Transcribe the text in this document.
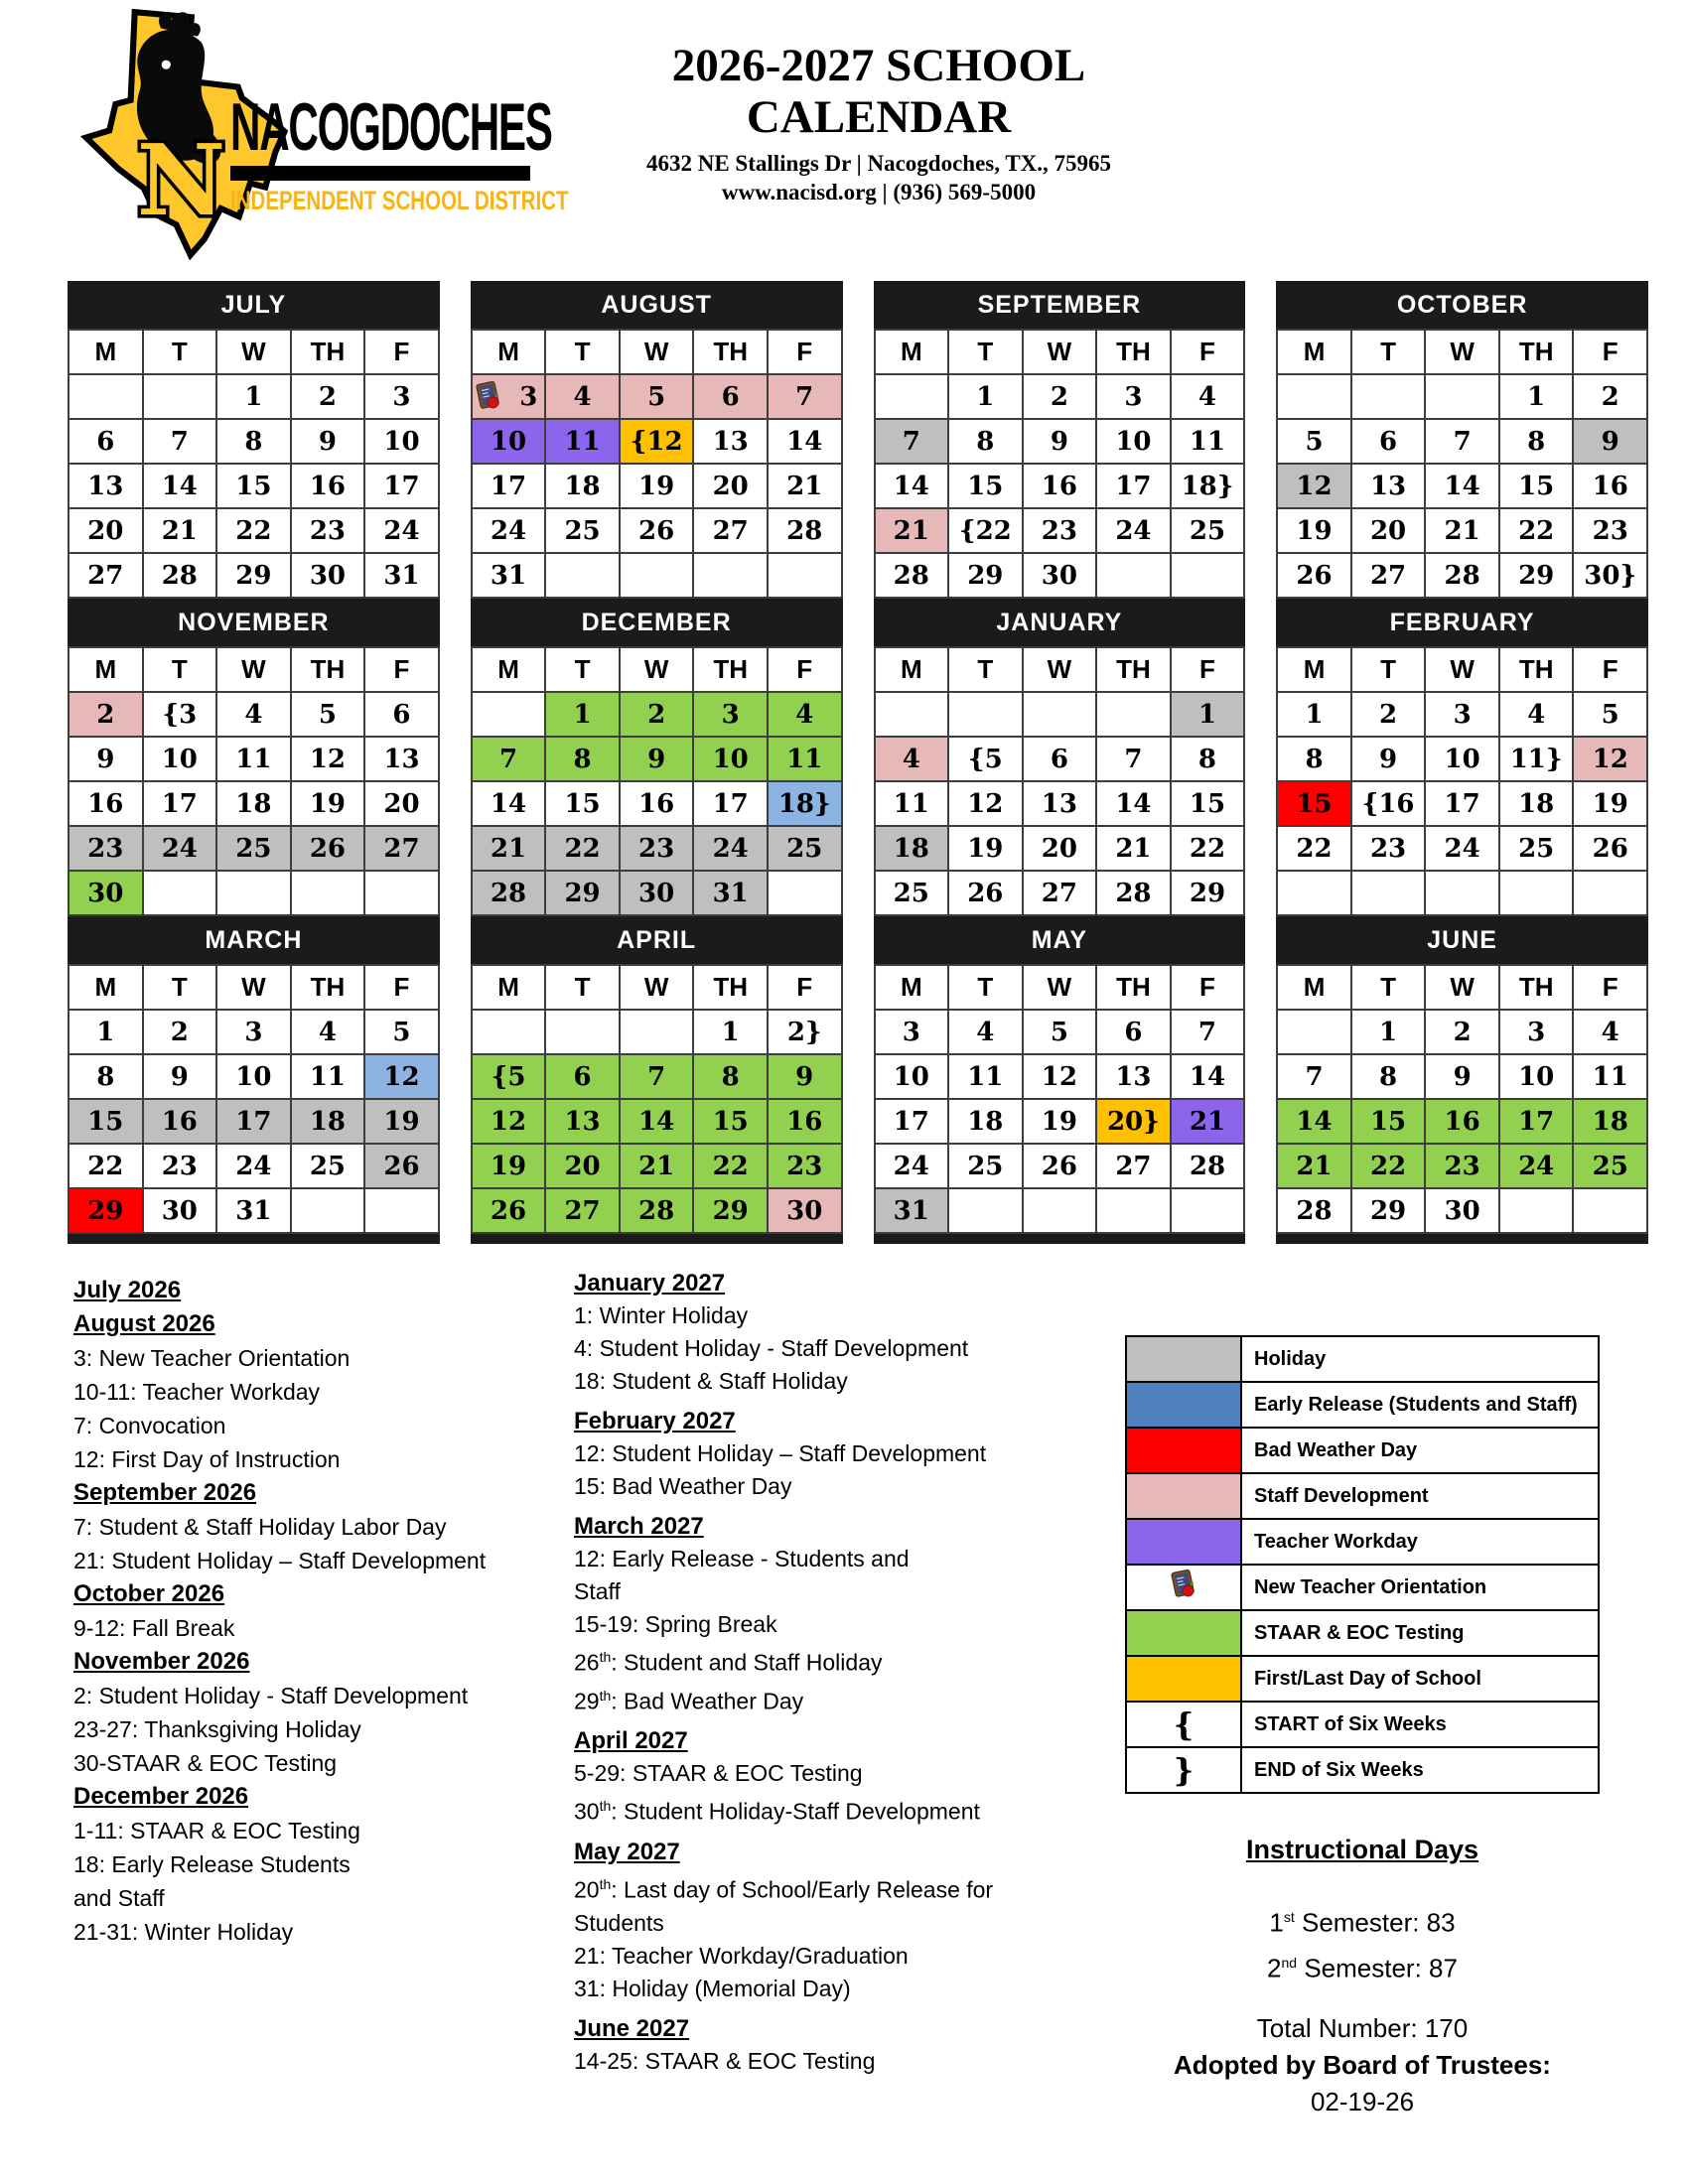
N NACOGDOCHES
INDEPENDENT SCHOOL DISTRICT
2026-2027 SCHOOL CALENDAR
4632 NE Stallings Dr | Nacogdoches, TX., 75965
www.nacisd.org | (936) 569-5000
JULY
M	T	W	TH	F
		1	2	3
6	7	8	9	10
13	14	15	16	17
20	21	22	23	24
27	28	29	30	31
NOVEMBER
M	T	W	TH	F
2	{3	4	5	6
9	10	11	12	13
16	17	18	19	20
23	24	25	26	27
30				
MARCH
M	T	W	TH	F
1	2	3	4	5
8	9	10	11	12
15	16	17	18	19
22	23	24	25	26
29	30	31		
AUGUST
M	T	W	TH	F

3	4	5	6	7
10	11	{12	13	14
17	18	19	20	21
24	25	26	27	28
31				
DECEMBER
M	T	W	TH	F
	1	2	3	4
7	8	9	10	11
14	15	16	17	18}
21	22	23	24	25
28	29	30	31	
APRIL
M	T	W	TH	F
			1	2}
{5	6	7	8	9
12	13	14	15	16
19	20	21	22	23
26	27	28	29	30
SEPTEMBER
M	T	W	TH	F
	1	2	3	4
7	8	9	10	11
14	15	16	17	18}
21	{22	23	24	25
28	29	30		
JANUARY
M	T	W	TH	F
				1
4	{5	6	7	8
11	12	13	14	15
18	19	20	21	22
25	26	27	28	29
MAY
M	T	W	TH	F
3	4	5	6	7
10	11	12	13	14
17	18	19	20}	21
24	25	26	27	28
31				
OCTOBER
M	T	W	TH	F
			1	2
5	6	7	8	9
12	13	14	15	16
19	20	21	22	23
26	27	28	29	30}
FEBRUARY
M	T	W	TH	F
1	2	3	4	5
8	9	10	11}	12
15	{16	17	18	19
22	23	24	25	26

JUNE
M	T	W	TH	F
	1	2	3	4
7	8	9	10	11
14	15	16	17	18
21	22	23	24	25
28	29	30		
July 2026
August 2026
3: New Teacher Orientation
10-11: Teacher Workday
7: Convocation
12: First Day of Instruction
September 2026
7: Student & Staff Holiday Labor Day
21: Student Holiday – Staff Development
October 2026
9-12: Fall Break
November 2026
2: Student Holiday - Staff Development
23-27: Thanksgiving Holiday
30-STAAR & EOC Testing
December 2026
1-11: STAAR & EOC Testing
18: Early Release Students
and Staff
21-31: Winter Holiday
January 2027
1: Winter Holiday
4: Student Holiday - Staff Development
18: Student & Staff Holiday
February 2027
12: Student Holiday – Staff Development
15: Bad Weather Day
March 2027
12: Early Release - Students and
Staff
15-19: Spring Break
26th: Student and Staff Holiday
29th: Bad Weather Day
April 2027
5-29: STAAR & EOC Testing
30th: Student Holiday-Staff Development
May 2027
20th: Last day of School/Early Release for
Students
21: Teacher Workday/Graduation
31: Holiday (Memorial Day)
June 2027
14-25: STAAR & EOC Testing
	Holiday
	Early Release (Students and Staff)
	Bad Weather Day
	Staff Development
	Teacher Workday
	New Teacher Orientation
	STAAR & EOC Testing
	First/Last Day of School
{	START of Six Weeks
}	END of Six Weeks
Instructional Days
1st Semester: 83
2nd Semester: 87
Total Number: 170
Adopted by Board of Trustees:
02-19-26
